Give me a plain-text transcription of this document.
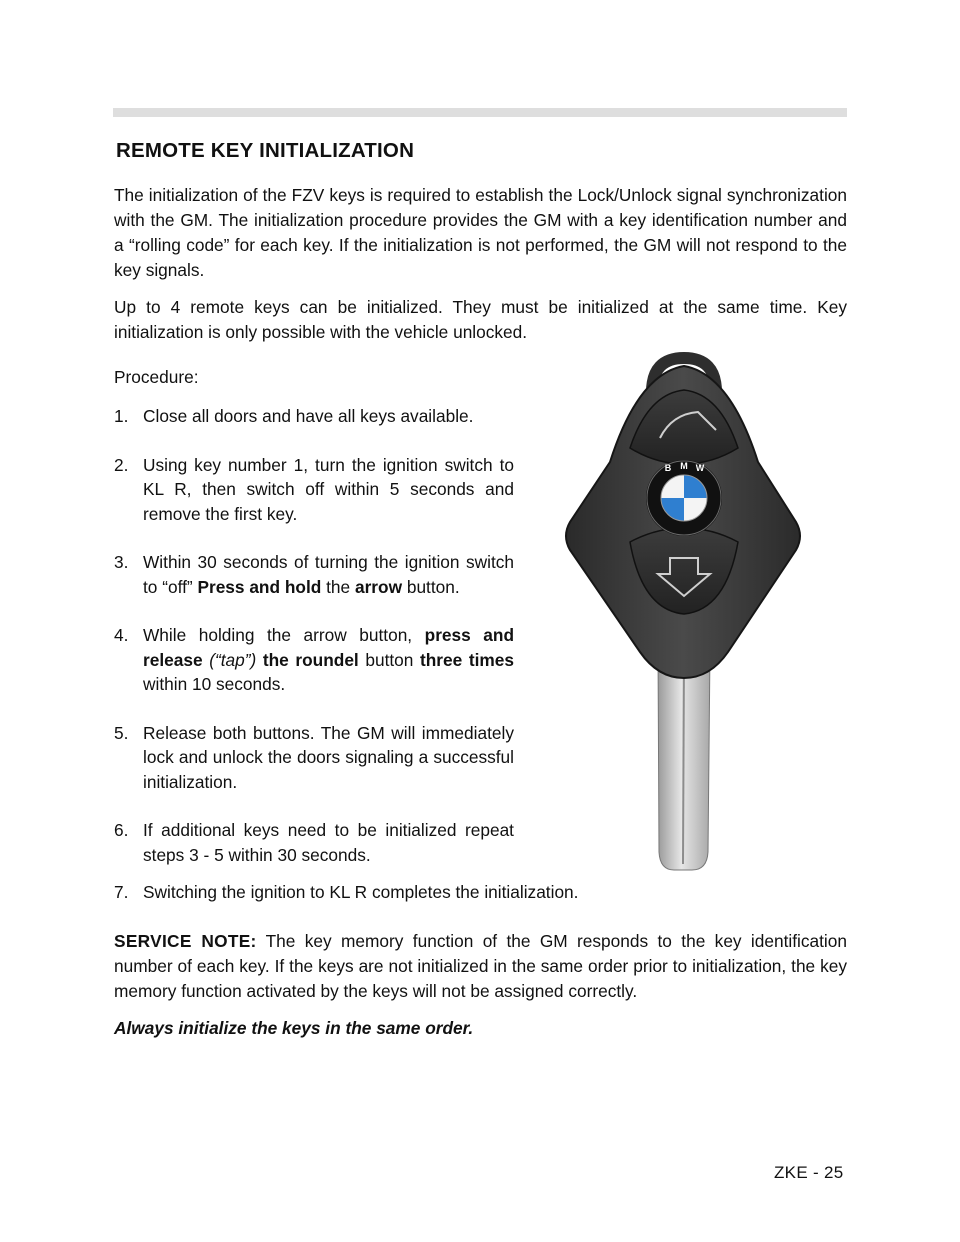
REMOTE KEY INITIALIZATION

The initialization of the FZV keys is required to establish the Lock/Unlock signal synchronization with the GM. The initialization procedure provides the GM with a key identification number and a “rolling code” for each key. If the initialization is not performed, the GM will not respond to the key signals.

Up to 4 remote keys can be initialized. They must be initialized at the same time. Key initialization is only possible with the vehicle unlocked.

Procedure:

1. Close all doors and have all keys available.
2. Using key number 1, turn the ignition switch to KL R, then switch off within 5 seconds and remove the first key.
3. Within 30 seconds of turning the ignition switch to “off” Press and hold the arrow button.
4. While holding the arrow button, press and release (“tap”) the roundel button three times within 10 seconds.
5. Release both buttons. The GM will immediately lock and unlock the doors signaling a successful initialization.
6. If additional keys need to be initialized repeat steps 3 - 5 within 30 seconds.
7. Switching the ignition to KL R completes the initialization.

SERVICE NOTE: The key memory function of the GM responds to the key identification number of each key. If the keys are not initialized in the same order prior to initialization, the key memory function activated by the keys will not be assigned correctly.

Always initialize the keys in the same order.

B M W

ZKE - 25
